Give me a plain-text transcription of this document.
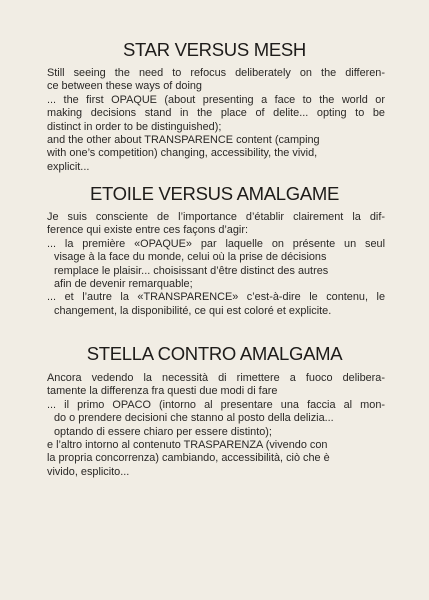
STAR VERSUS MESH
Still seeing the need to refocus deliberately on the differen-
ce between these ways of doing
... the first OPAQUE (about presenting a face to the world or
making decisions stand in the place of delite... opting to be
distinct in order to be distinguished);
and the other about TRANSPARENCE content (camping
with one’s competition) changing, accessibility, the vivid,
explicit...
ETOILE VERSUS AMALGAME
Je suis consciente de l’importance d’établir clairement la dif-
ference qui existe entre ces façons d’agir:
... la première «OPAQUE» par laquelle on présente un seul
visage à la face du monde, celui où la prise de décisions
remplace le plaisir... choisissant d’être distinct des autres
afin de devenir remarquable;
... et l’autre la «TRANSPARENCE» c’est-à-dire le contenu, le
changement, la disponibilité, ce qui est coloré et explicite.
STELLA CONTRO AMALGAMA
Ancora vedendo la necessità di rimettere a fuoco delibera-
tamente la differenza fra questi due modi di fare
... il primo OPACO (intorno al presentare una faccia al mon-
do o prendere decisioni che stanno al posto della delizia...
optando di essere chiaro per essere distinto);
e l’altro intorno al contenuto TRASPARENZA (vivendo con
la propria concorrenza) cambiando, accessibilità, ciò che è
vivido, esplicito...
